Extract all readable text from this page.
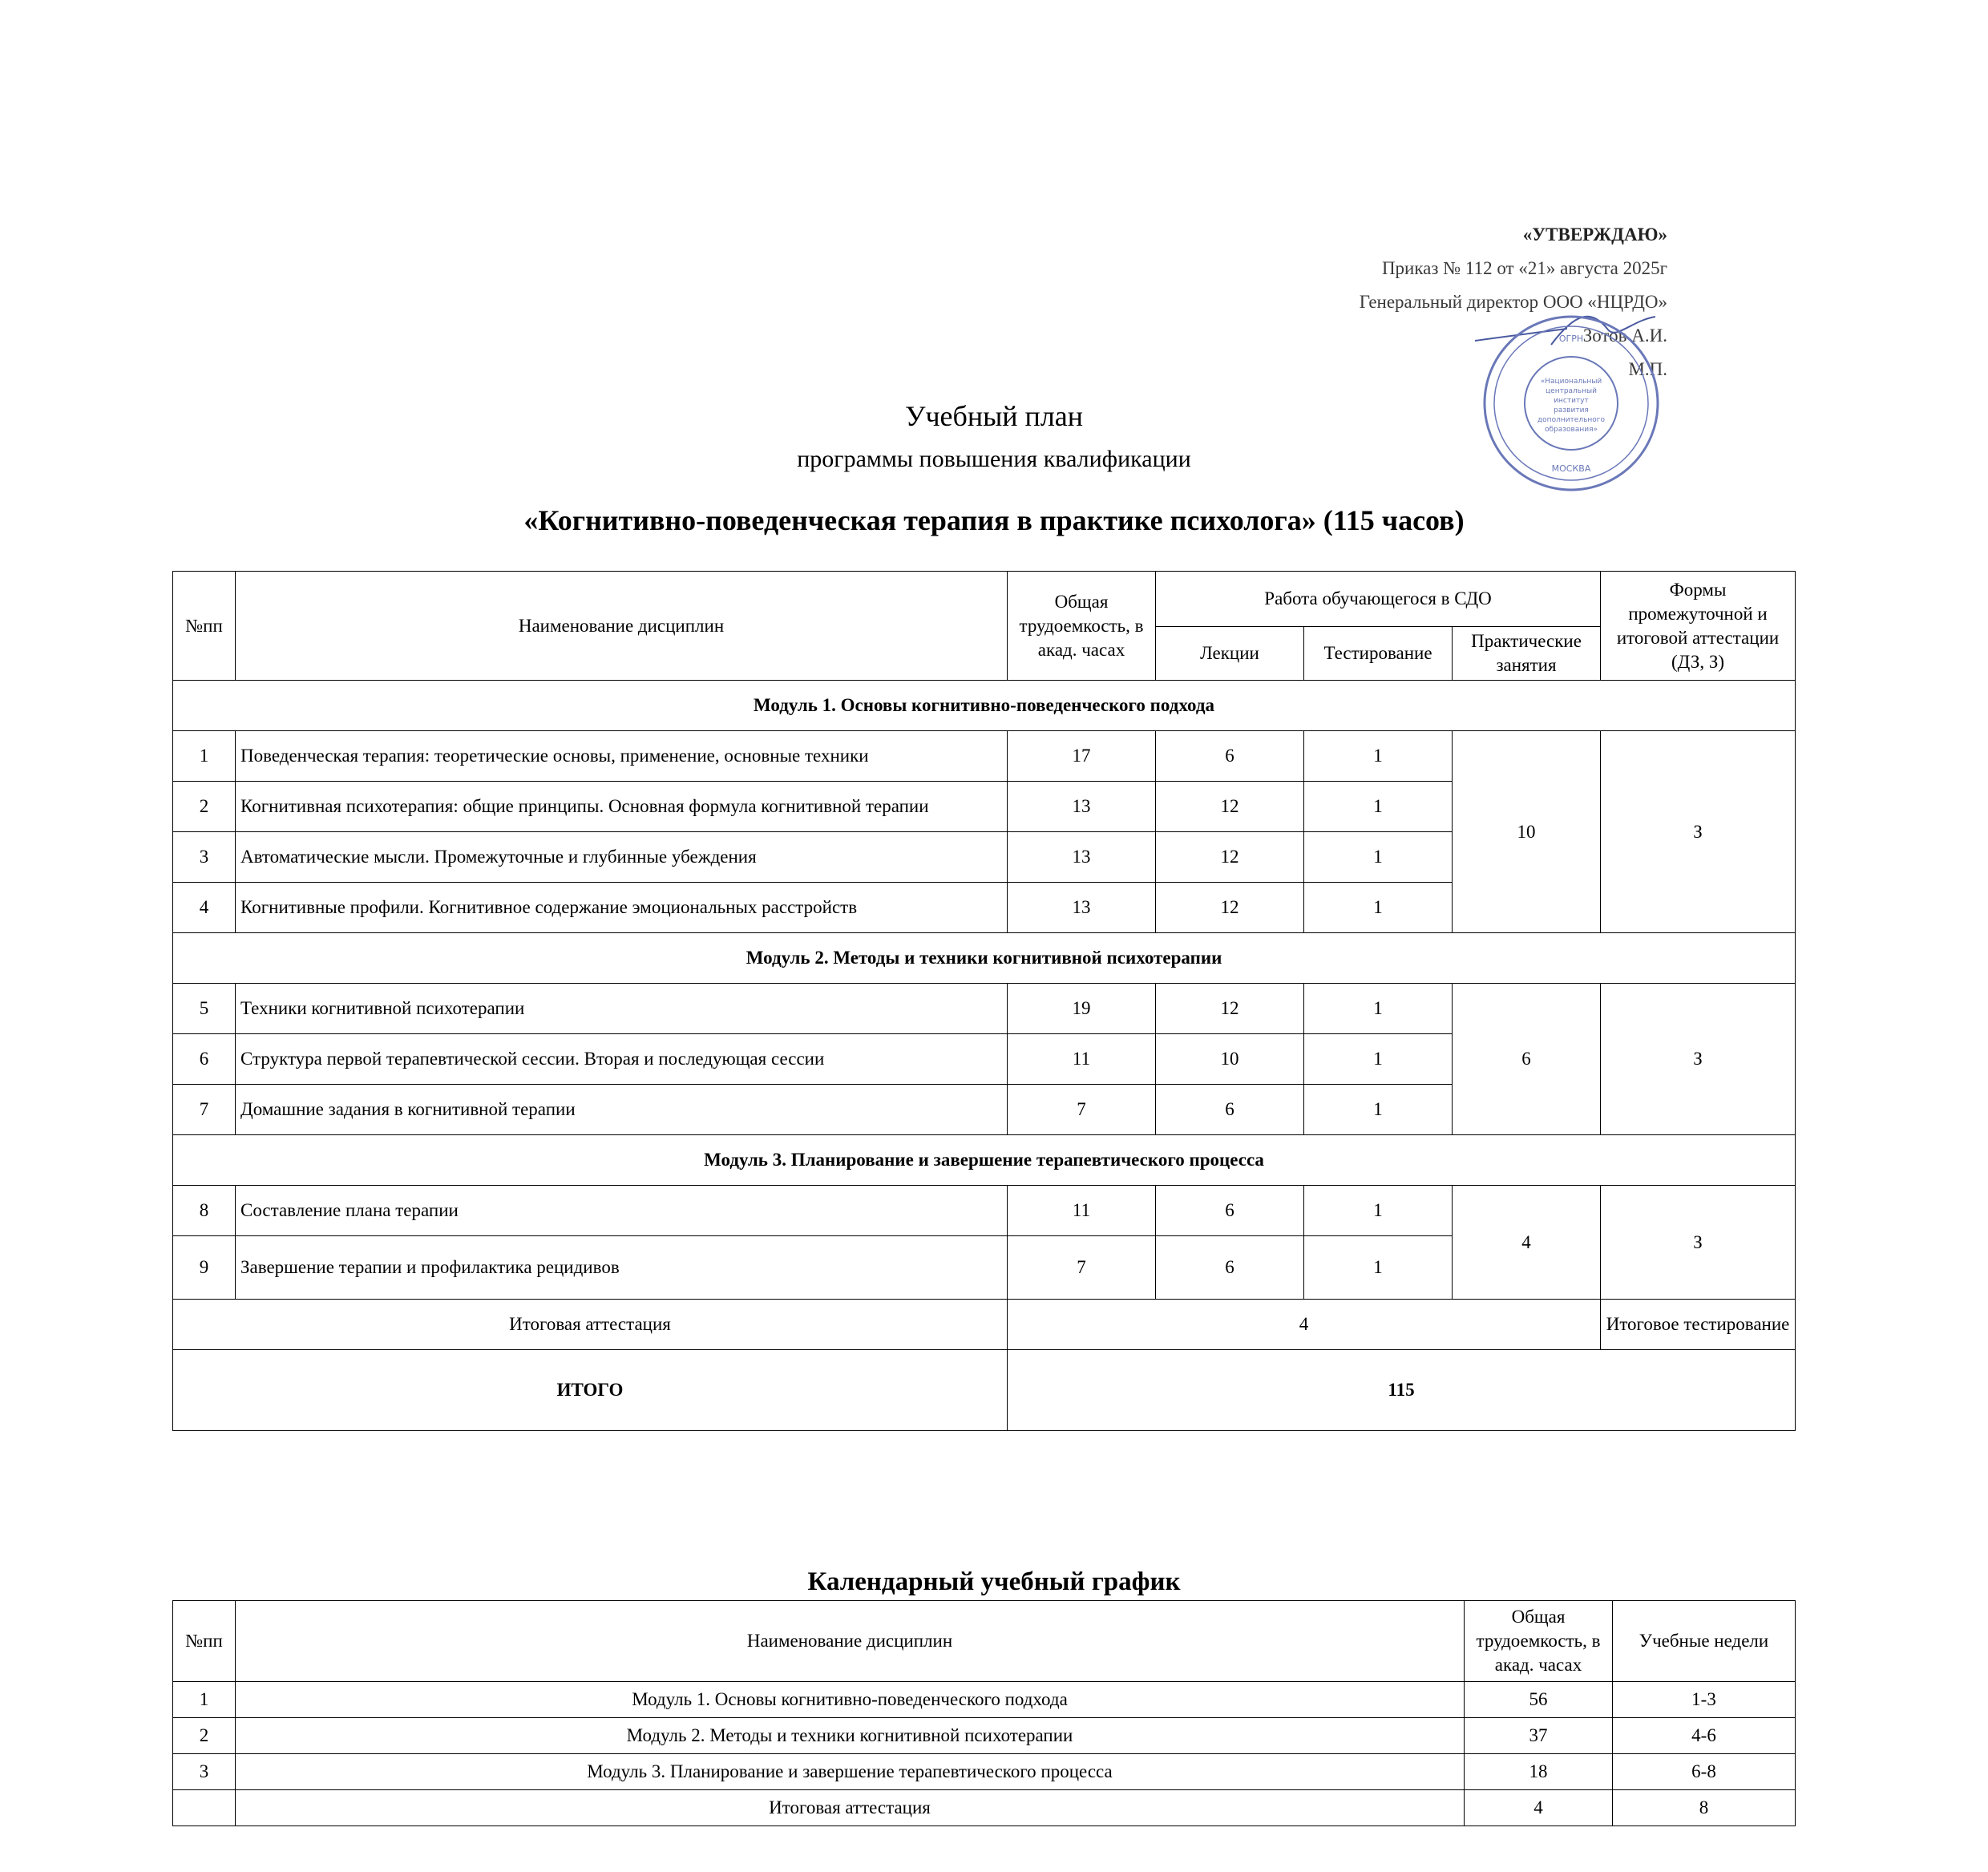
«УТВЕРЖДАЮ»
Приказ № 112 от «21» августа 2025г
Генеральный директор ООО «НЦРДО»
Зотов А.И.
М.П.
«Национальный
центральный
институт
развития
дополнительного
образования»
МОСКВА
ОГРН
Учебный план
программы повышения квалификации
«Когнитивно-поведенческая терапия в практике психолога» (115 часов)
№пп	Наименование дисциплин	Общая трудоемкость, в акад. часах	Работа обучающегося в СДО			Формы промежуточной и итоговой аттестации (ДЗ, З)
			Лекции	Тестирование	Практические занятия	
Модуль 1. Основы когнитивно-поведенческого подхода						
1	Поведенческая терапия: теоретические основы, применение, основные техники	17	6	1	10	З
2	Когнитивная психотерапия: общие принципы. Основная формула когнитивной терапии	13	12	1		
3	Автоматические мысли. Промежуточные и глубинные убеждения	13	12	1		
4	Когнитивные профили. Когнитивное содержание эмоциональных расстройств	13	12	1		
Модуль 2. Методы и техники когнитивной психотерапии						
5	Техники когнитивной психотерапии	19	12	1	6	З
6	Структура первой терапевтической сессии. Вторая и последующая сессии	11	10	1		
7	Домашние задания в когнитивной терапии	7	6	1		
Модуль 3. Планирование и завершение терапевтического процесса						
8	Составление плана терапии	11	6	1	4	З
9	Завершение терапии и профилактика рецидивов	7	6	1		
Итоговая аттестация		4				Итоговое тестирование
ИТОГО		115				
Календарный учебный график
№пп	Наименование дисциплин	Общая трудоемкость, в акад. часах	Учебные недели
1	Модуль 1. Основы когнитивно-поведенческого подхода	56	1-3
2	Модуль 2. Методы и техники когнитивной психотерапии	37	4-6
3	Модуль 3. Планирование и завершение терапевтического процесса	18	6-8
	Итоговая аттестация	4	8
